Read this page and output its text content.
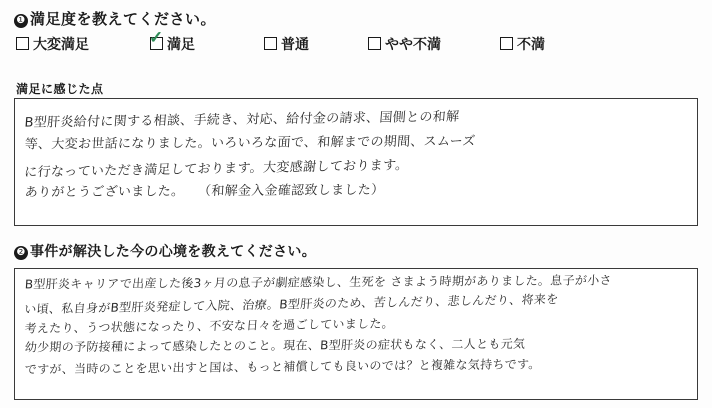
❶ 満足度を教えてください。
大変満足 ✓	満足	普通	やや不満	不満
満足に感じた点
B型肝炎給付に関する相談、手続き、対応、給付金の請求、国側との和解
等、大変お世話になりました。いろいろな面で、和解までの期間、スムーズ
に行なっていただき満足しております。大変感謝しております。
ありがとうございました。　　（和解金入金確認致しました）
❷ 事件が解決した今の心境を教えてください。
B型肝炎キャリアで出産した後3ヶ月の息子が劇症感染し、生死を さまよう時期がありました。息子が小さ
い頃、私自身がB型肝炎発症して入院、治療。B型肝炎のため、苦しんだり、悲しんだり、将来を
考えたり、うつ状態になったり、不安な日々を過ごしていました。
幼少期の予防接種によって感染したとのこと。現在、B型肝炎の症状もなく、二人とも元気
ですが、当時のことを思い出すと国は、もっと補償しても良いのでは？と複雑な気持ちです。
